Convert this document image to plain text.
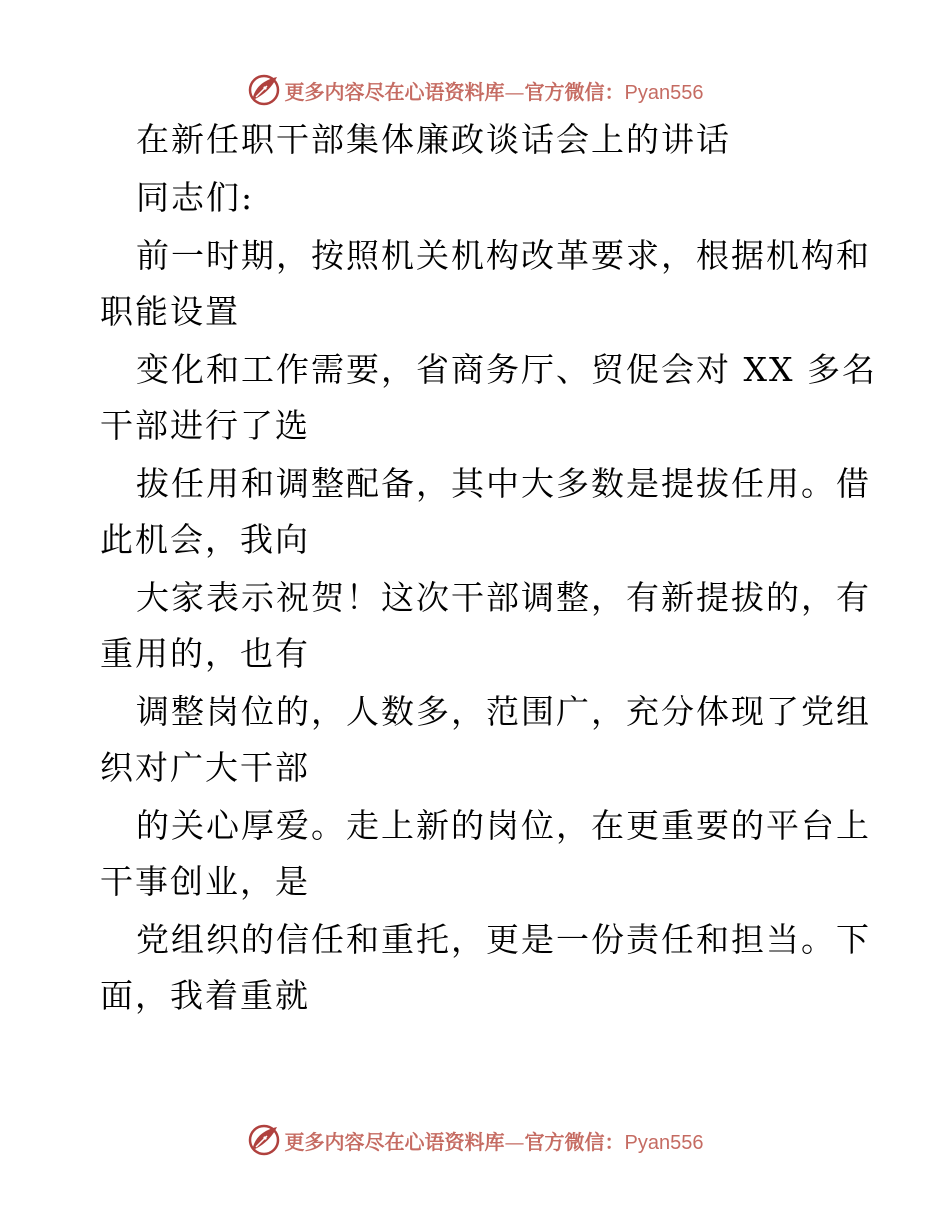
更多内容尽在心语资料库—官方微信：Pyan556
在新任职干部集体廉政谈话会上的讲话
同志们:
前一时期，按照机关机构改革要求，根据机构和
职能设置
变化和工作需要，省商务厅、贸促会对 XX 多名
干部进行了选
拔任用和调整配备，其中大多数是提拔任用。借
此机会，我向
大家表示祝贺！这次干部调整，有新提拔的，有
重用的，也有
调整岗位的，人数多，范围广，充分体现了党组
织对广大干部
的关心厚爱。走上新的岗位，在更重要的平台上
干事创业，是
党组织的信任和重托，更是一份责任和担当。下
面，我着重就
更多内容尽在心语资料库—官方微信：Pyan556
